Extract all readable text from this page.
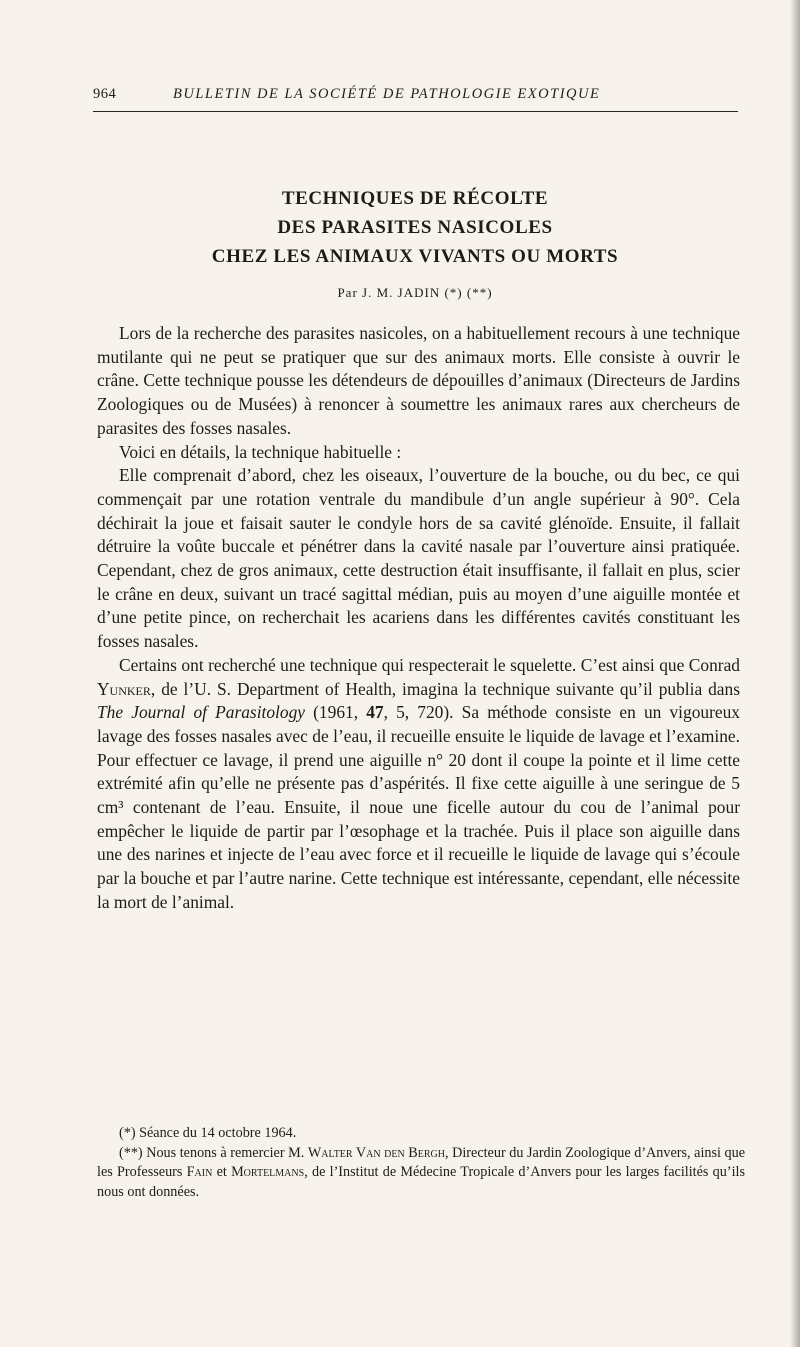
964	BULLETIN DE LA SOCIÉTÉ DE PATHOLOGIE EXOTIQUE
TECHNIQUES DE RÉCOLTE
DES PARASITES NASICOLES
CHEZ LES ANIMAUX VIVANTS OU MORTS
Par J. M. JADIN (*) (**)

Lors de la recherche des parasites nasicoles, on a habituellement recours à une technique mutilante qui ne peut se pratiquer que sur des animaux morts. Elle consiste à ouvrir le crâne. Cette technique pousse les détendeurs de dépouilles d’animaux (Directeurs de Jardins Zoologiques ou de Musées) à renoncer à soumettre les animaux rares aux chercheurs de parasites des fosses nasales.

Voici en détails, la technique habituelle :

Elle comprenait d’abord, chez les oiseaux, l’ouverture de la bouche, ou du bec, ce qui commençait par une rotation ventrale du mandibule d’un angle supérieur à 90°. Cela déchirait la joue et faisait sauter le condyle hors de sa cavité glénoïde. Ensuite, il fallait détruire la voûte buccale et pénétrer dans la cavité nasale par l’ouverture ainsi pratiquée. Cependant, chez de gros animaux, cette destruction était insuffisante, il fallait en plus, scier le crâne en deux, suivant un tracé sagittal médian, puis au moyen d’une aiguille montée et d’une petite pince, on recherchait les acariens dans les différentes cavités constituant les fosses nasales.

Certains ont recherché une technique qui respecterait le squelette. C’est ainsi que Conrad Yunker, de l’U. S. Department of Health, imagina la technique suivante qu’il publia dans The Journal of Parasitology (1961, 47, 5, 720). Sa méthode consiste en un vigoureux lavage des fosses nasales avec de l’eau, il recueille ensuite le liquide de lavage et l’examine. Pour effectuer ce lavage, il prend une aiguille n° 20 dont il coupe la pointe et il lime cette extrémité afin qu’elle ne présente pas d’aspérités. Il fixe cette aiguille à une seringue de 5 cm³ contenant de l’eau. Ensuite, il noue une ficelle autour du cou de l’animal pour empêcher le liquide de partir par l’œsophage et la trachée. Puis il place son aiguille dans une des narines et injecte de l’eau avec force et il recueille le liquide de lavage qui s’écoule par la bouche et par l’autre narine. Cette technique est intéressante, cependant, elle nécessite la mort de l’animal.

(*) Séance du 14 octobre 1964.

(**) Nous tenons à remercier M. Walter Van den Bergh, Directeur du Jardin Zoologique d’Anvers, ainsi que les Professeurs Fain et Mortelmans, de l’Institut de Médecine Tropicale d’Anvers pour les larges facilités qu’ils nous ont données.
